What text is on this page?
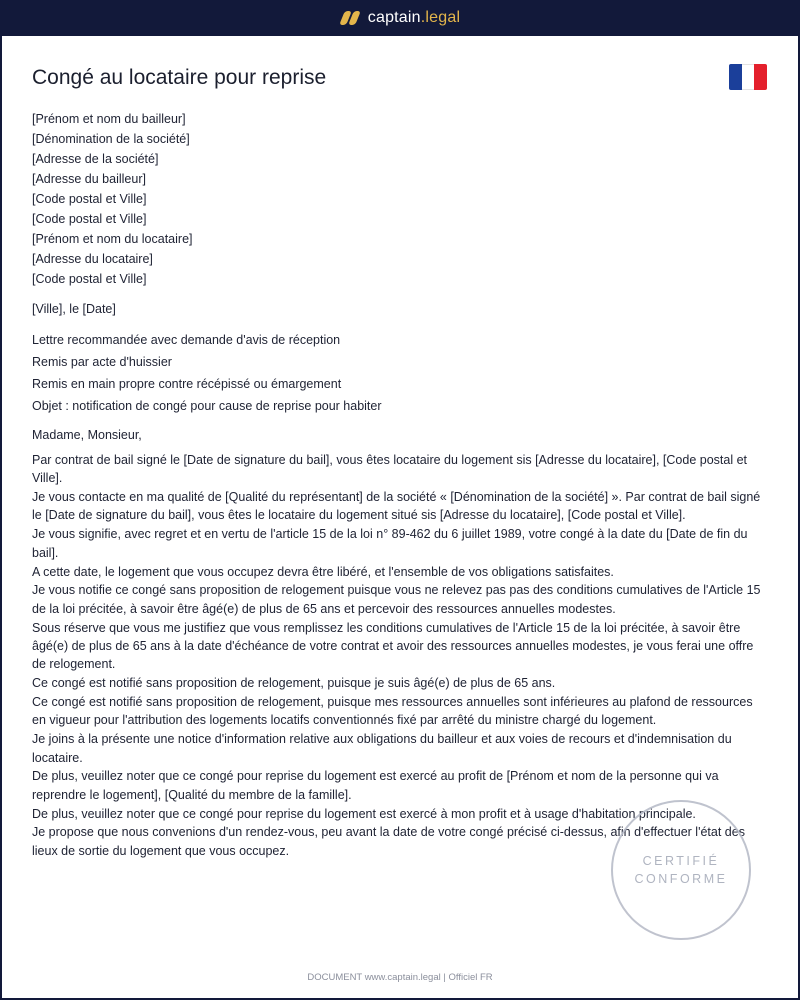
captain.legal
Congé au locataire pour reprise
[Prénom et nom du bailleur]
[Dénomination de la société]
[Adresse de la société]
[Adresse du bailleur]
[Code postal et Ville]
[Code postal et Ville]
[Prénom et nom du locataire]
[Adresse du locataire]
[Code postal et Ville]
[Ville], le [Date]
Lettre recommandée avec demande d'avis de réception
Remis par acte d'huissier
Remis en main propre contre récépissé ou émargement
Objet : notification de congé pour cause de reprise pour habiter
Madame, Monsieur,
Par contrat de bail signé le [Date de signature du bail], vous êtes locataire du logement sis [Adresse du locataire], [Code postal et Ville].
Je vous contacte en ma qualité de [Qualité du représentant] de la société « [Dénomination de la société] ». Par contrat de bail signé le [Date de signature du bail], vous êtes le locataire du logement situé sis [Adresse du locataire], [Code postal et Ville].
Je vous signifie, avec regret et en vertu de l'article 15 de la loi n° 89-462 du 6 juillet 1989, votre congé à la date du [Date de fin du bail].
A cette date, le logement que vous occupez devra être libéré, et l'ensemble de vos obligations satisfaites.
Je vous notifie ce congé sans proposition de relogement puisque vous ne relevez pas pas des conditions cumulatives de l'Article 15 de la loi précitée, à savoir être âgé(e) de plus de 65 ans et percevoir des ressources annuelles modestes.
Sous réserve que vous me justifiez que vous remplissez les conditions cumulatives de l'Article 15 de la loi précitée, à savoir être âgé(e) de plus de 65 ans à la date d'échéance de votre contrat et avoir des ressources annuelles modestes, je vous ferai une offre de relogement.
Ce congé est notifié sans proposition de relogement, puisque je suis âgé(e) de plus de 65 ans.
Ce congé est notifié sans proposition de relogement, puisque mes ressources annuelles sont inférieures au plafond de ressources en vigueur pour l'attribution des logements locatifs conventionnés fixé par arrêté du ministre chargé du logement.
Je joins à la présente une notice d'information relative aux obligations du bailleur et aux voies de recours et d'indemnisation du locataire.
De plus, veuillez noter que ce congé pour reprise du logement est exercé au profit de [Prénom et nom de la personne qui va reprendre le logement], [Qualité du membre de la famille].
De plus, veuillez noter que ce congé pour reprise du logement est exercé à mon profit et à usage d'habitation principale.
Je propose que nous convenions d'un rendez-vous, peu avant la date de votre congé précisé ci-dessus, afin d'effectuer l'état des lieux de sortie du logement que vous occupez.
CERTIFIÉ
CONFORME
DOCUMENT www.captain.legal | Officiel FR
